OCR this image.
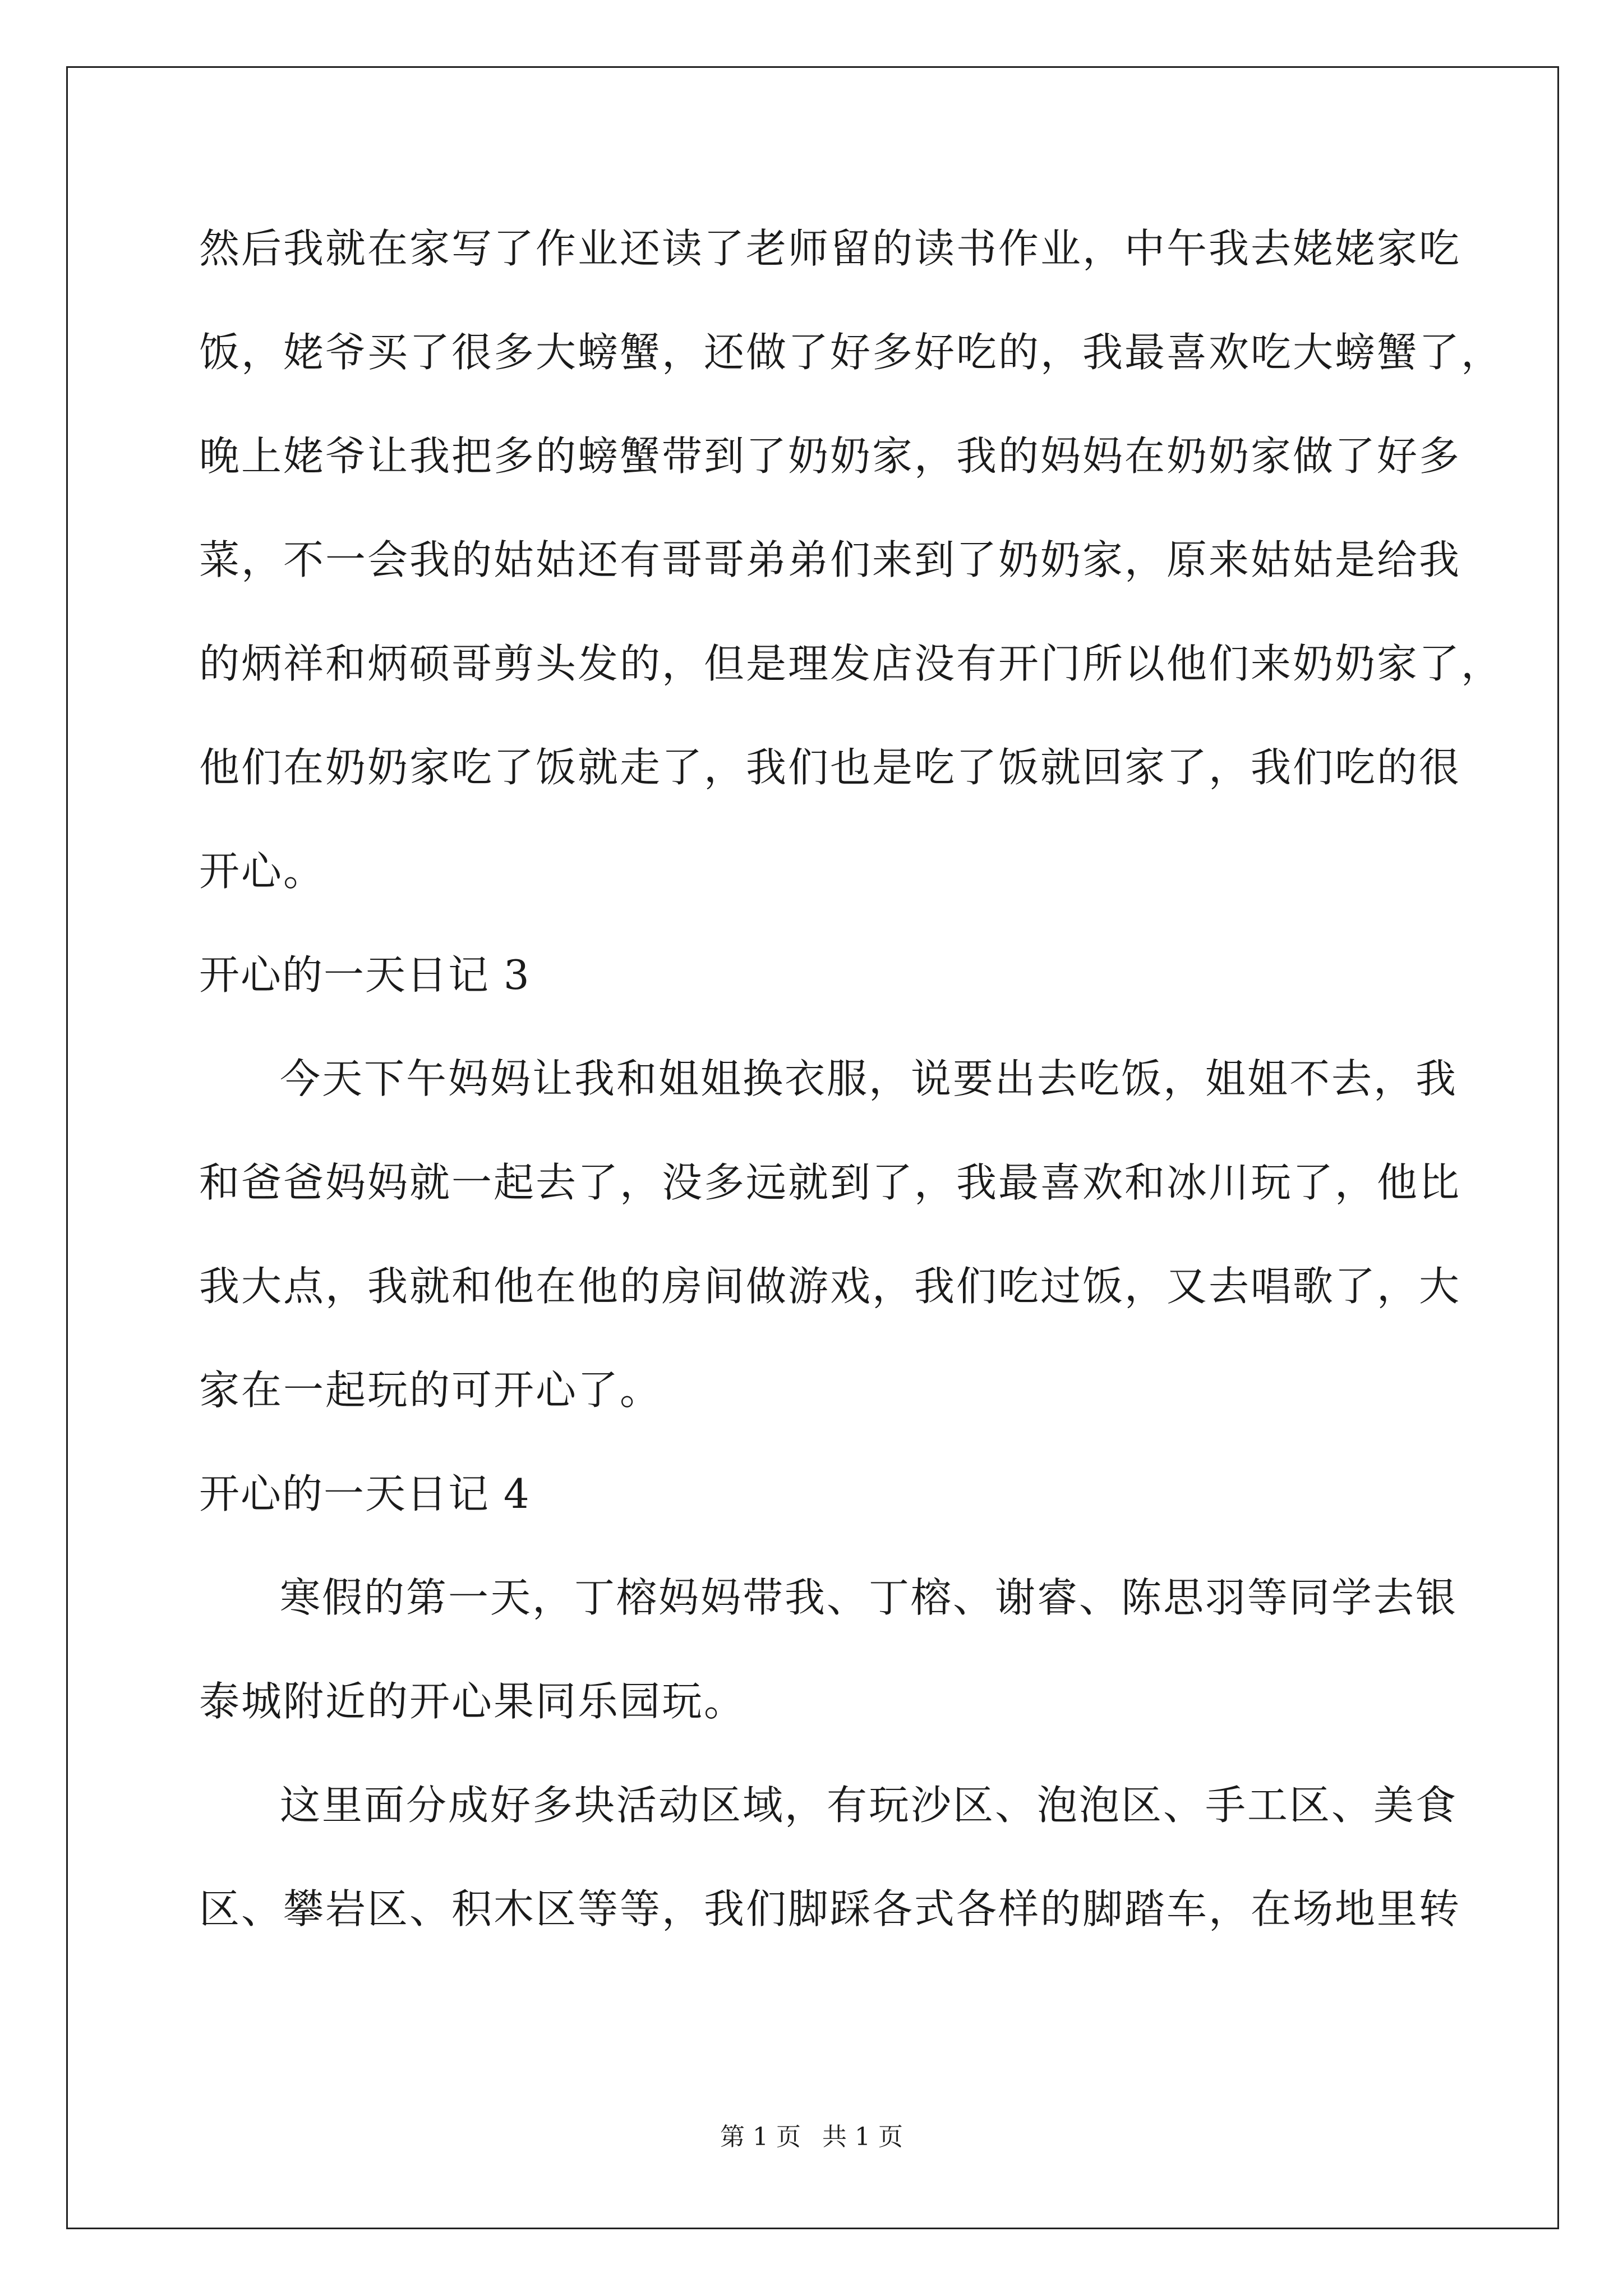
然后我就在家写了作业还读了老师留的读书作业，中午我去姥姥家吃
饭，姥爷买了很多大螃蟹，还做了好多好吃的，我最喜欢吃大螃蟹了，
晚上姥爷让我把多的螃蟹带到了奶奶家，我的妈妈在奶奶家做了好多
菜，不一会我的姑姑还有哥哥弟弟们来到了奶奶家，原来姑姑是给我
的炳祥和炳硕哥剪头发的，但是理发店没有开门所以他们来奶奶家了，
他们在奶奶家吃了饭就走了，我们也是吃了饭就回家了，我们吃的很
开心。
开心的一天日记 3
今天下午妈妈让我和姐姐换衣服，说要出去吃饭，姐姐不去，我
和爸爸妈妈就一起去了，没多远就到了，我最喜欢和冰川玩了，他比
我大点，我就和他在他的房间做游戏，我们吃过饭，又去唱歌了，大
家在一起玩的可开心了。
开心的一天日记 4
寒假的第一天，丁榕妈妈带我、丁榕、谢睿、陈思羽等同学去银
泰城附近的开心果同乐园玩。
这里面分成好多块活动区域，有玩沙区、泡泡区、手工区、美食
区、攀岩区、积木区等等，我们脚踩各式各样的脚踏车，在场地里转
第 1 页 共 1 页
